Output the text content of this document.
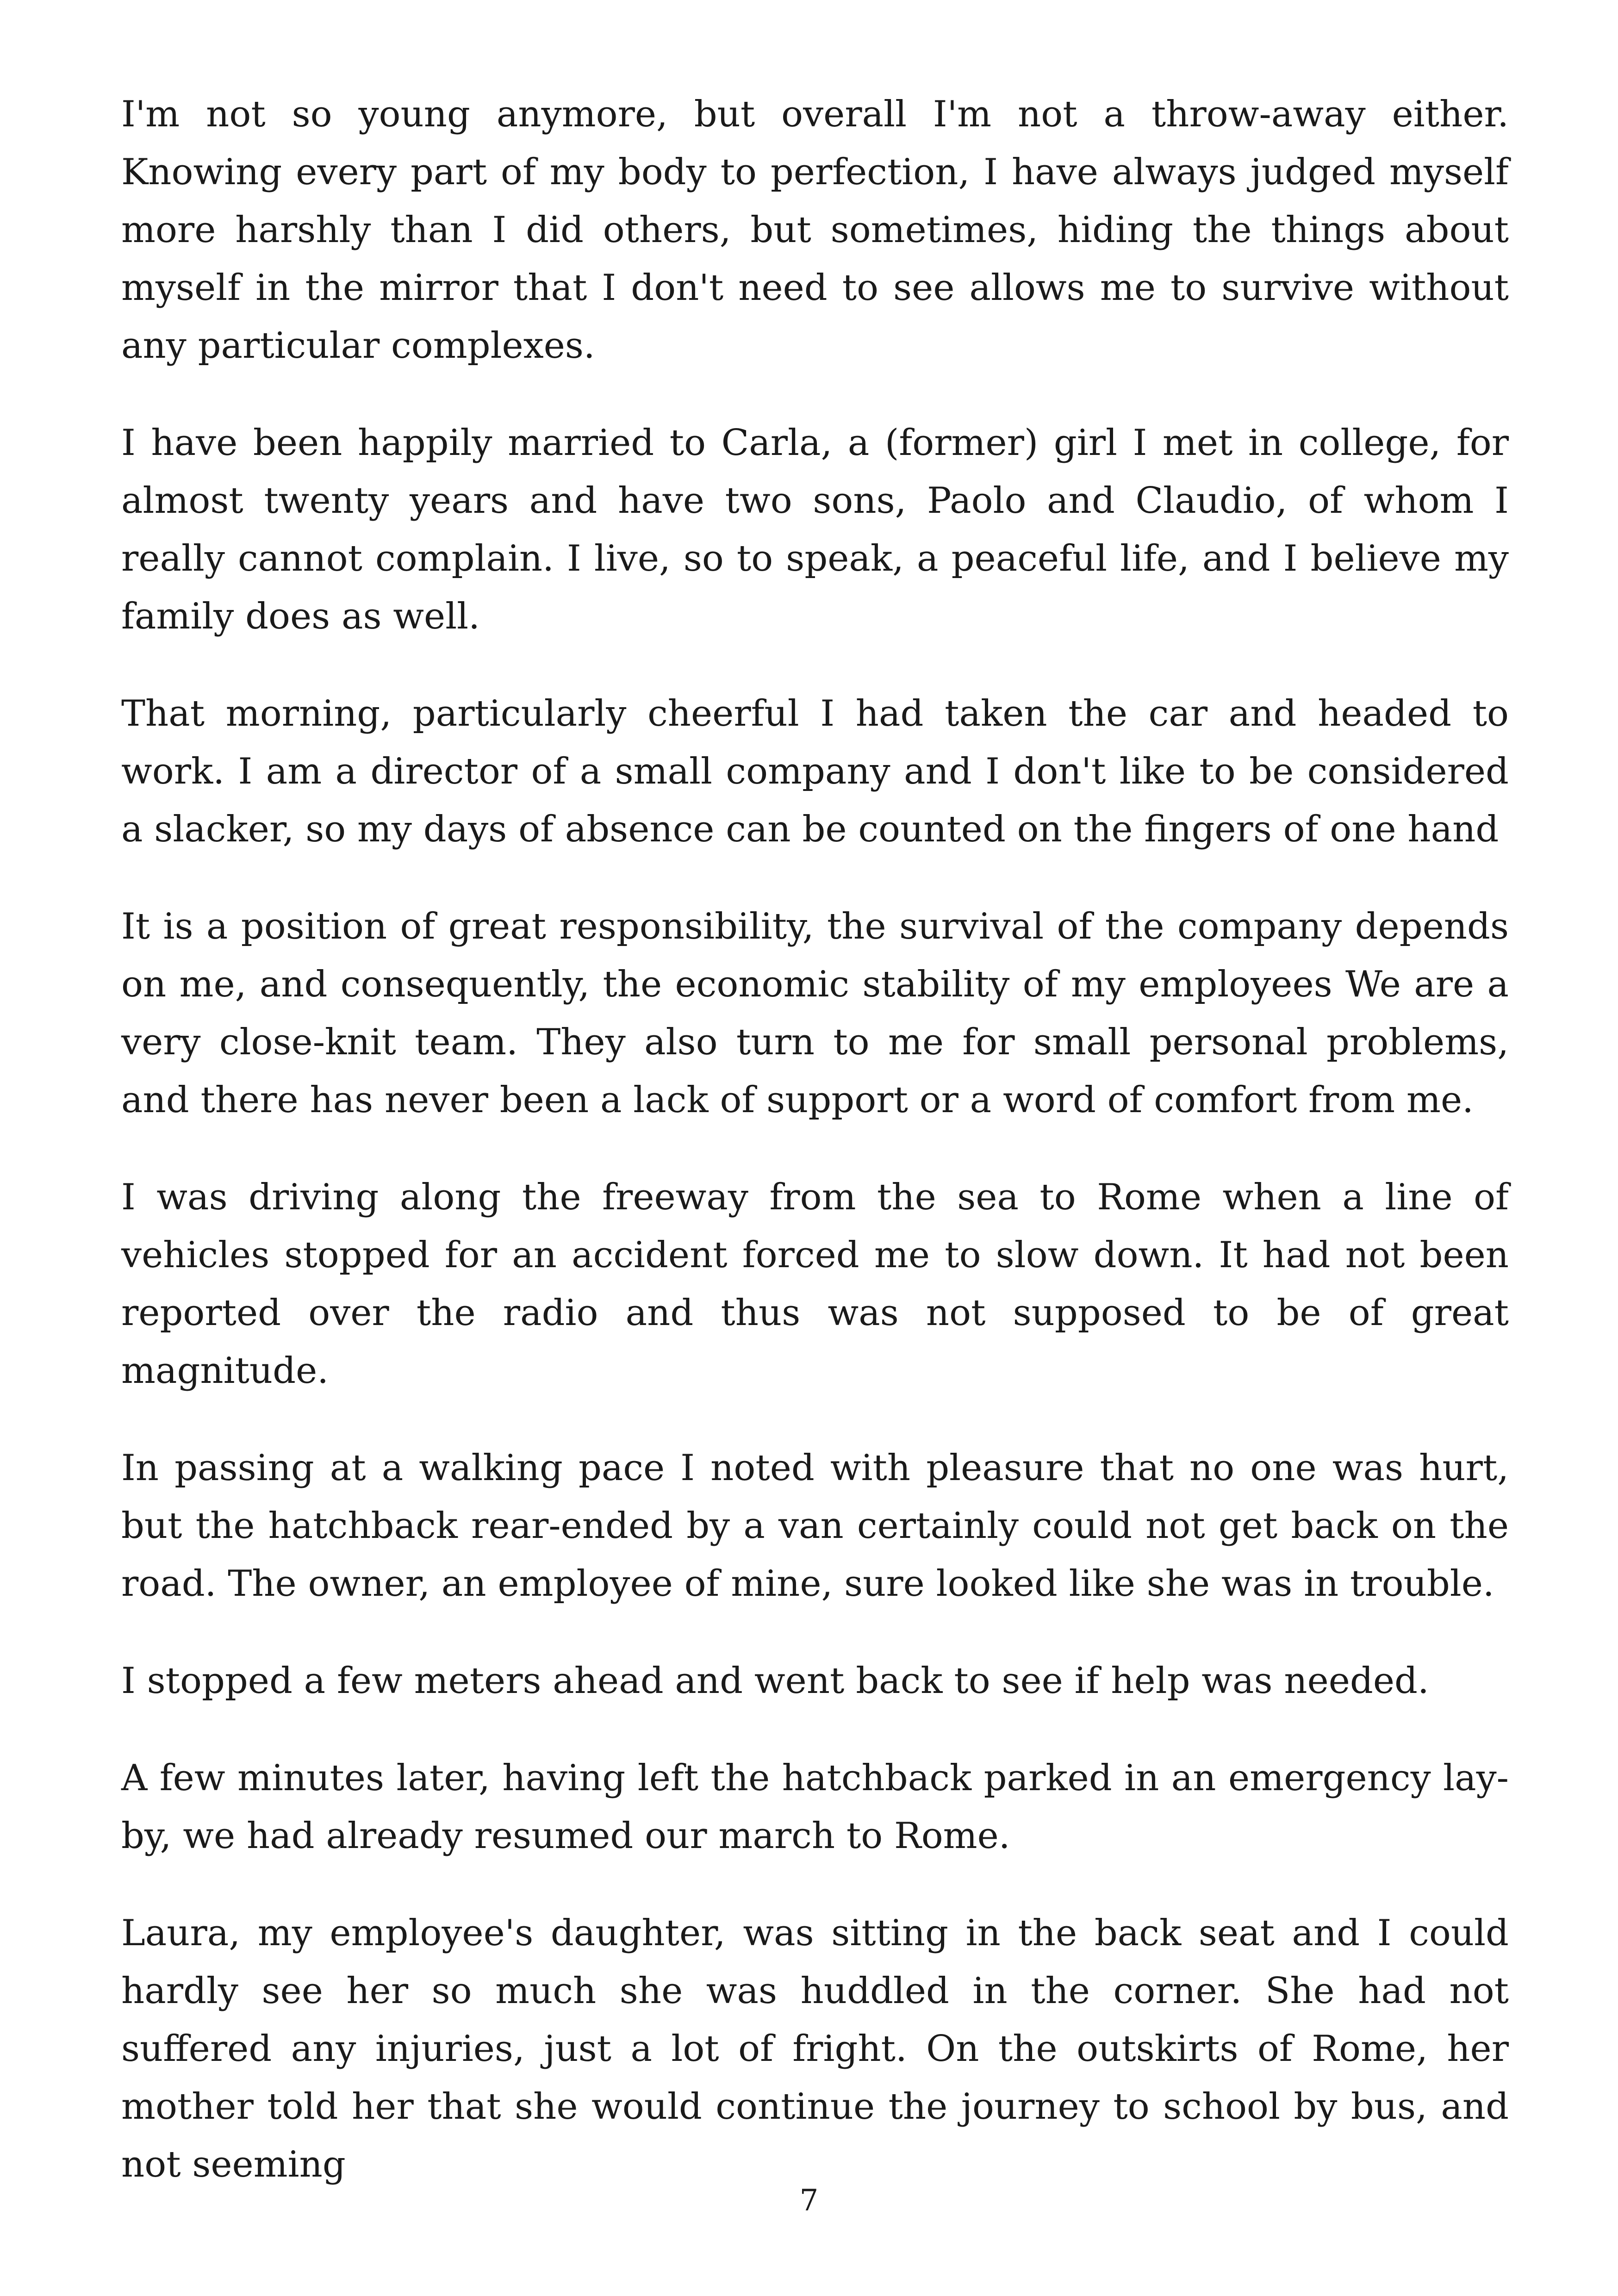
I'm not so young anymore, but overall I'm not a throw-away either. Knowing every part of my body to perfection, I have always judged myself more harshly than I did others, but sometimes, hiding the things about myself in the mirror that I don't need to see allows me to survive without any particular complexes.

I have been happily married to Carla, a (former) girl I met in college, for almost twenty years and have two sons, Paolo and Claudio, of whom I really cannot complain. I live, so to speak, a peaceful life, and I believe my family does as well.

That morning, particularly cheerful I had taken the car and headed to work. I am a director of a small company and I don't like to be considered a slacker, so my days of absence can be counted on the fingers of one hand

It is a position of great responsibility, the survival of the company depends on me, and consequently, the economic stability of my employees We are a very close-knit team. They also turn to me for small personal problems, and there has never been a lack of support or a word of comfort from me.

I was driving along the freeway from the sea to Rome when a line of vehicles stopped for an accident forced me to slow down. It had not been reported over the radio and thus was not supposed to be of great magnitude.

In passing at a walking pace I noted with pleasure that no one was hurt, but the hatchback rear-ended by a van certainly could not get back on the road. The owner, an employee of mine, sure looked like she was in trouble.

I stopped a few meters ahead and went back to see if help was needed.

A few minutes later, having left the hatchback parked in an emergency lay-by, we had already resumed our march to Rome.

Laura, my employee's daughter, was sitting in the back seat and I could hardly see her so much she was huddled in the corner. She had not suffered any injuries, just a lot of fright. On the outskirts of Rome, her mother told her that she would continue the journey to school by bus, and not seeming

7
